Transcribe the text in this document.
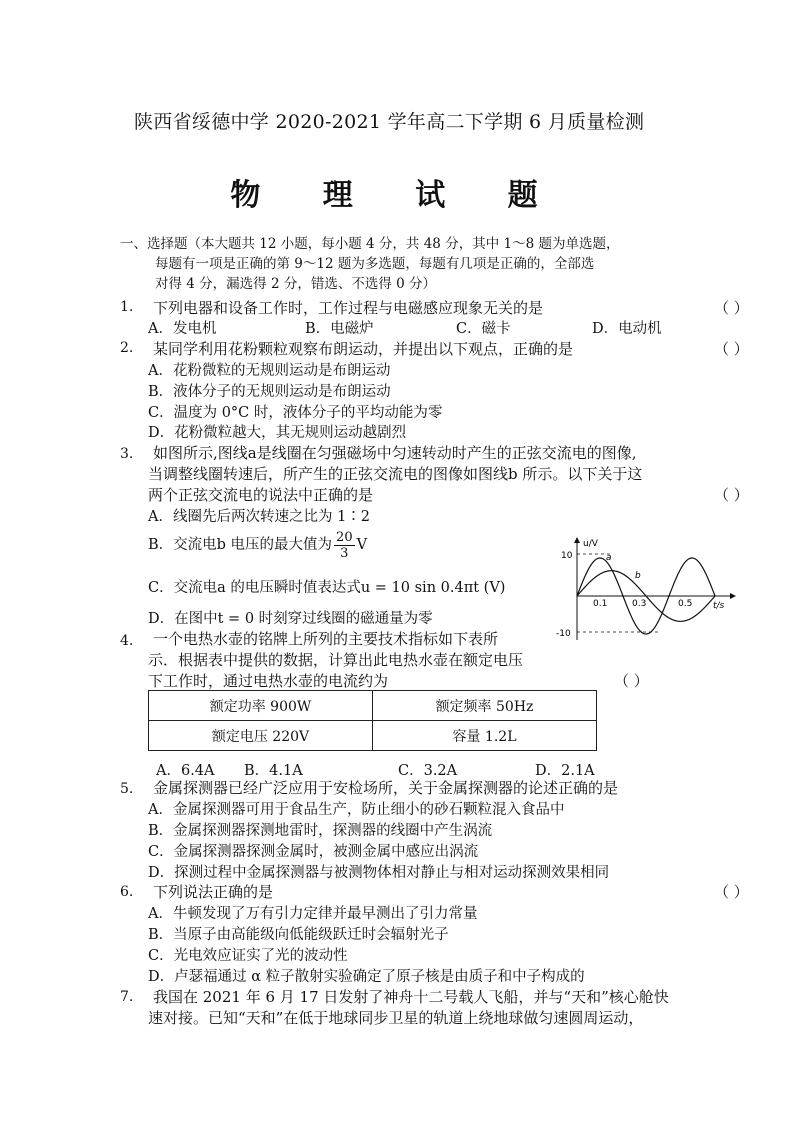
陕西省绥德中学 2020-2021 学年高二下学期 6 月质量检测
物 理 试 题
一、选择题（本大题共 12 小题，每小题 4 分，共 48 分，其中 1～8 题为单选题，
每题有一项是正确的第 9～12 题为多选题，每题有几项是正确的，全部选
对得 4 分，漏选得 2 分，错选、不选得 0 分）
1. 下列电器和设备工作时，工作过程与电磁感应现象无关的是	（ ）
A．发电机	B．电磁炉	C．磁卡	D．电动机
2. 某同学利用花粉颗粒观察布朗运动，并提出以下观点，正确的是	（ ）
A．花粉微粒的无规则运动是布朗运动
B．液体分子的无规则运动是布朗运动
C．温度为 0°C 时，液体分子的平均动能为零
D．花粉微粒越大，其无规则运动越剧烈
3. 如图所示,图线a是线圈在匀强磁场中匀速转动时产生的正弦交流电的图像,
当调整线圈转速后，所产生的正弦交流电的图像如图线b 所示。以下关于这
两个正弦交流电的说法中正确的是	（ ）
A．线圈先后两次转速之比为 1∶2
B．交流电b 电压的最大值为 $\frac{20}{3}$ V
C．交流电a 的电压瞬时值表达式u = 10 sin 0.4πt (V)
D．在图中t = 0 时刻穿过线圈的磁通量为零
u/V
t/s
10
-10
0.1	0.3	0.5
a
b
4. 一个电热水壶的铭牌上所列的主要技术指标如下表所
示．根据表中提供的数据，计算出此电热水壶在额定电压
下工作时，通过电热水壶的电流约为	（ ）
额定功率 900W	额定频率 50Hz
额定电压 220V	容量 1.2L
A．6.4A B．4.1A	C．3.2A	D．2.1A
5. 金属探测器已经广泛应用于安检场所，关于金属探测器的论述正确的是
A．金属探测器可用于食品生产，防止细小的砂石颗粒混入食品中
B．金属探测器探测地雷时，探测器的线圈中产生涡流
C．金属探测器探测金属时，被测金属中感应出涡流
D．探测过程中金属探测器与被测物体相对静止与相对运动探测效果相同
6. 下列说法正确的是	（ ）
A．牛顿发现了万有引力定律并最早测出了引力常量
B．当原子由高能级向低能级跃迁时会辐射光子
C．光电效应证实了光的波动性
D．卢瑟福通过 α 粒子散射实验确定了原子核是由质子和中子构成的
7. 我国在 2021 年 6 月 17 日发射了神舟十二号载人飞船，并与“天和”核心舱快
速对接。已知“天和”在低于地球同步卫星的轨道上绕地球做匀速圆周运动，
